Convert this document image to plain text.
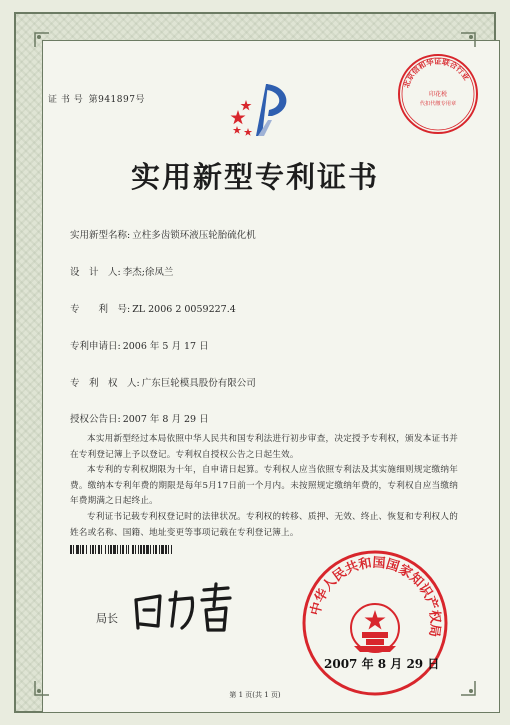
证 书 号 第941897号
北京信和华证联合行业
印花税
代扣代缴专用章
实用新型专利证书
实用新型名称: 立柱多齿锁环液压轮胎硫化机
设　计　人: 李杰;徐凤兰
专　　利　号: ZL 2006 2 0059227.4
专利申请日: 2006 年 5 月 17 日
专　利　权　人: 广东巨轮模具股份有限公司
授权公告日: 2007 年 8 月 29 日

本实用新型经过本局依照中华人民共和国专利法进行初步审查，决定授予专利权，颁发本证书并在专利登记簿上予以登记。专利权自授权公告之日起生效。

本专利的专利权期限为十年，自申请日起算。专利权人应当依照专利法及其实施细则规定缴纳年费。缴纳本专利年费的期限是每年5月17日前一个月内。未按照规定缴纳年费的，专利权自应当缴纳年费期满之日起终止。

专利证书记载专利权登记时的法律状况。专利权的转移、质押、无效、终止、恢复和专利权人的姓名或名称、国籍、地址变更等事项记载在专利登记簿上。

中华人民共和国国家知识产权局
局长
2007 年 8 月 29 日
第 1 页(共 1 页)
